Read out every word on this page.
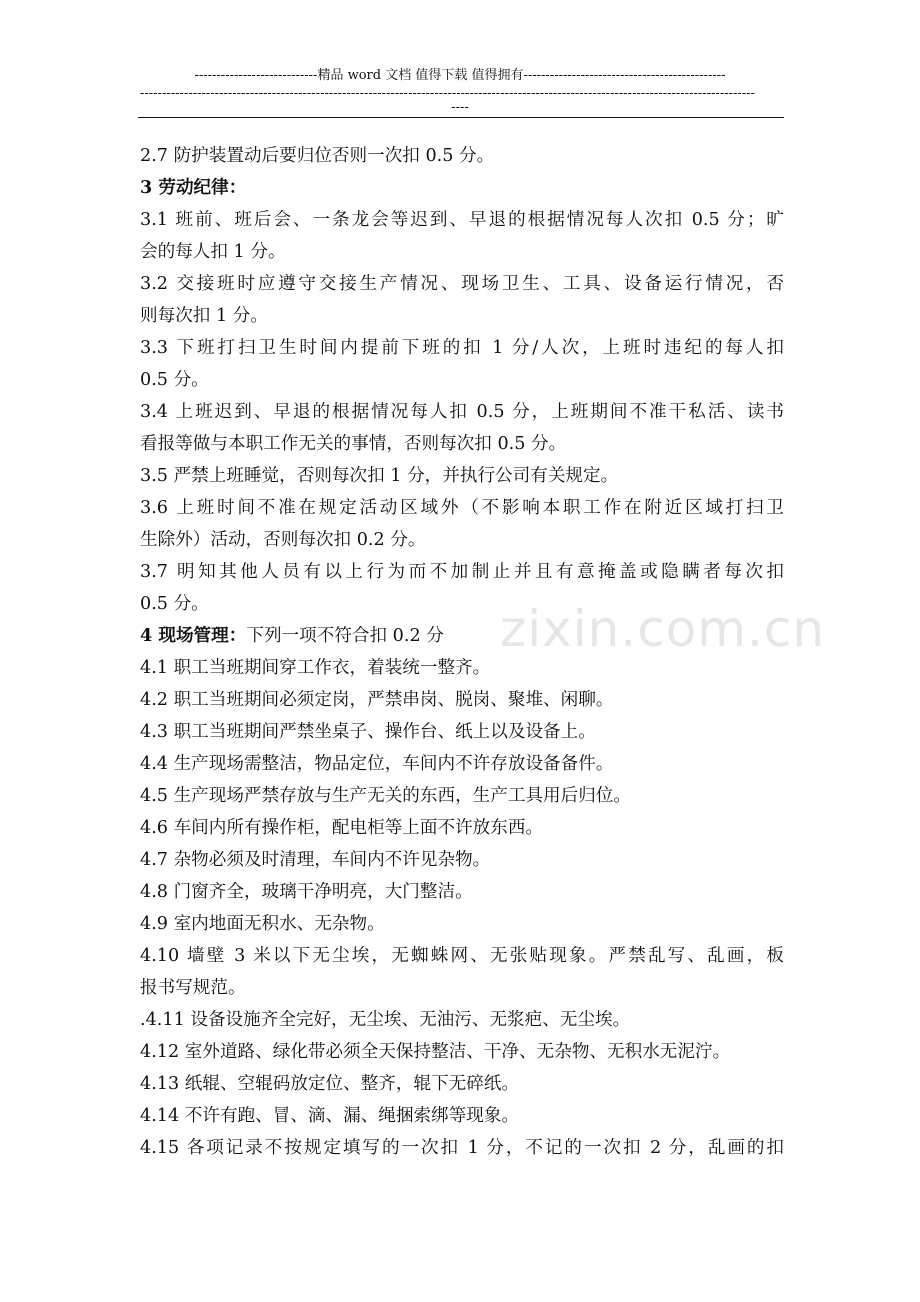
----------------------------精品 word 文档 值得下载 值得拥有----------------------------------------------
--------------------------------------------------------------------------------------------------------------------------------------------
----
zixin.com.cn
2.7 防护装置动后要归位否则一次扣 0.5 分。
3 劳动纪律：
3.1 班前、班后会、一条龙会等迟到、早退的根据情况每人次扣 0.5 分；旷
会的每人扣 1 分。
3.2 交接班时应遵守交接生产情况、现场卫生、工具、设备运行情况，否
则每次扣 1 分。
3.3 下班打扫卫生时间内提前下班的扣 1 分/人次，上班时违纪的每人扣
0.5 分。
3.4 上班迟到、早退的根据情况每人扣 0.5 分，上班期间不准干私活、读书
看报等做与本职工作无关的事情，否则每次扣 0.5 分。
3.5 严禁上班睡觉，否则每次扣 1 分，并执行公司有关规定。
3.6 上班时间不准在规定活动区域外（不影响本职工作在附近区域打扫卫
生除外）活动，否则每次扣 0.2 分。
3.7 明知其他人员有以上行为而不加制止并且有意掩盖或隐瞒者每次扣
0.5 分。
4 现场管理：下列一项不符合扣 0.2 分
4.1 职工当班期间穿工作衣，着装统一整齐。
4.2 职工当班期间必须定岗，严禁串岗、脱岗、聚堆、闲聊。
4.3 职工当班期间严禁坐桌子、操作台、纸上以及设备上。
4.4 生产现场需整洁，物品定位，车间内不许存放设备备件。
4.5 生产现场严禁存放与生产无关的东西，生产工具用后归位。
4.6 车间内所有操作柜，配电柜等上面不许放东西。
4.7 杂物必须及时清理，车间内不许见杂物。
4.8 门窗齐全，玻璃干净明亮，大门整洁。
4.9 室内地面无积水、无杂物。
4.10 墙壁 3 米以下无尘埃，无蜘蛛网、无张贴现象。严禁乱写、乱画，板
报书写规范。
.4.11 设备设施齐全完好，无尘埃、无油污、无浆疤、无尘埃。
4.12 室外道路、绿化带必须全天保持整洁、干净、无杂物、无积水无泥泞。
4.13 纸辊、空辊码放定位、整齐，辊下无碎纸。
4.14 不许有跑、冒、滴、漏、绳捆索绑等现象。
4.15 各项记录不按规定填写的一次扣 1 分，不记的一次扣 2 分，乱画的扣
